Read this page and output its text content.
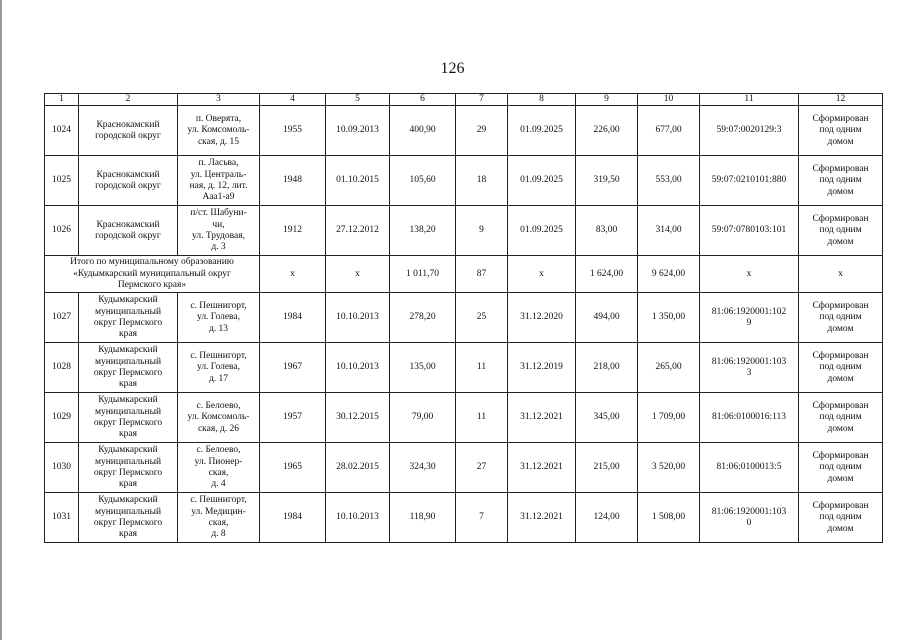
126
1	2	3	4	5	6	7	8	9	10	11	12
1024	Краснокамский
городской округ	п. Оверята,
ул. Комсомоль-
ская, д. 15	1955	10.09.2013	400,90	29	01.09.2025	226,00	677,00	59:07:0020129:3	Сформирован
под одним
домом
1025	Краснокамский
городской округ	п. Ласьва,
ул. Централь-
ная, д. 12, лит.
Ааа1-а9	1948	01.10.2015	105,60	18	01.09.2025	319,50	553,00	59:07:0210101:880	Сформирован
под одним
домом
1026	Краснокамский
городской округ	п/ст. Шабуни-
чи,
ул. Трудовая,
д. 3	1912	27.12.2012	138,20	9	01.09.2025	83,00	314,00	59:07:0780103:101	Сформирован
под одним
домом
Итого по муниципальному образованию
«Кудымкарский муниципальный округ
Пермского края»			x	x	1 011,70	87	x	1 624,00	9 624,00	x	x
1027	Кудымкарский
муниципальный
округ Пермского
края	с. Пешнигорт,
ул. Голева,
д. 13	1984	10.10.2013	278,20	25	31.12.2020	494,00	1 350,00	81:06:1920001:102
9	Сформирован
под одним
домом
1028	Кудымкарский
муниципальный
округ Пермского
края	с. Пешнигорт,
ул. Голева,
д. 17	1967	10.10.2013	135,00	11	31.12.2019	218,00	265,00	81:06:1920001:103
3	Сформирован
под одним
домом
1029	Кудымкарский
муниципальный
округ Пермского
края	с. Белоево,
ул. Комсомоль-
ская, д. 26	1957	30.12.2015	79,00	11	31.12.2021	345,00	1 709,00	81:06:0100016:113	Сформирован
под одним
домом
1030	Кудымкарский
муниципальный
округ Пермского
края	с. Белоево,
ул. Пионер-
ская,
д. 4	1965	28.02.2015	324,30	27	31.12.2021	215,00	3 520,00	81:06:0100013:5	Сформирован
под одним
домом
1031	Кудымкарский
муниципальный
округ Пермского
края	с. Пешнигорт,
ул. Медицин-
ская,
д. 8	1984	10.10.2013	118,90	7	31.12.2021	124,00	1 508,00	81:06:1920001:103
0	Сформирован
под одним
домом
